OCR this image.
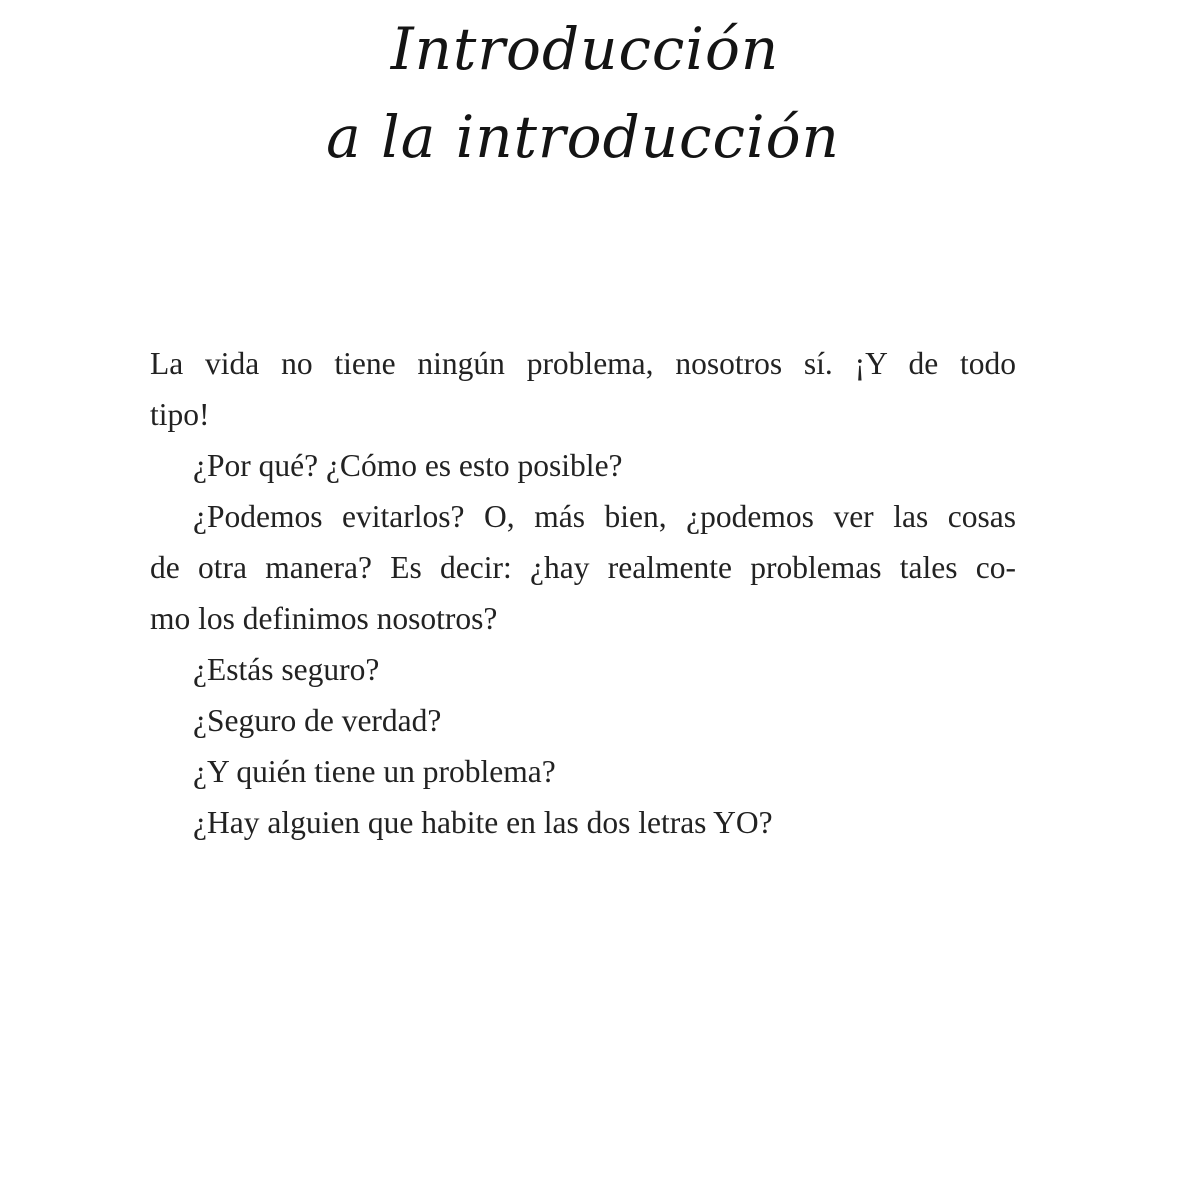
Introducción
a la introducción

La vida no tiene ningún problema, nosotros sí. ¡Y de todo
tipo!

¿Por qué? ¿Cómo es esto posible?

¿Podemos evitarlos? O, más bien, ¿podemos ver las cosas
de otra manera? Es decir: ¿hay realmente problemas tales co-
mo los definimos nosotros?

¿Estás seguro?

¿Seguro de verdad?

¿Y quién tiene un problema?

¿Hay alguien que habite en las dos letras YO?
